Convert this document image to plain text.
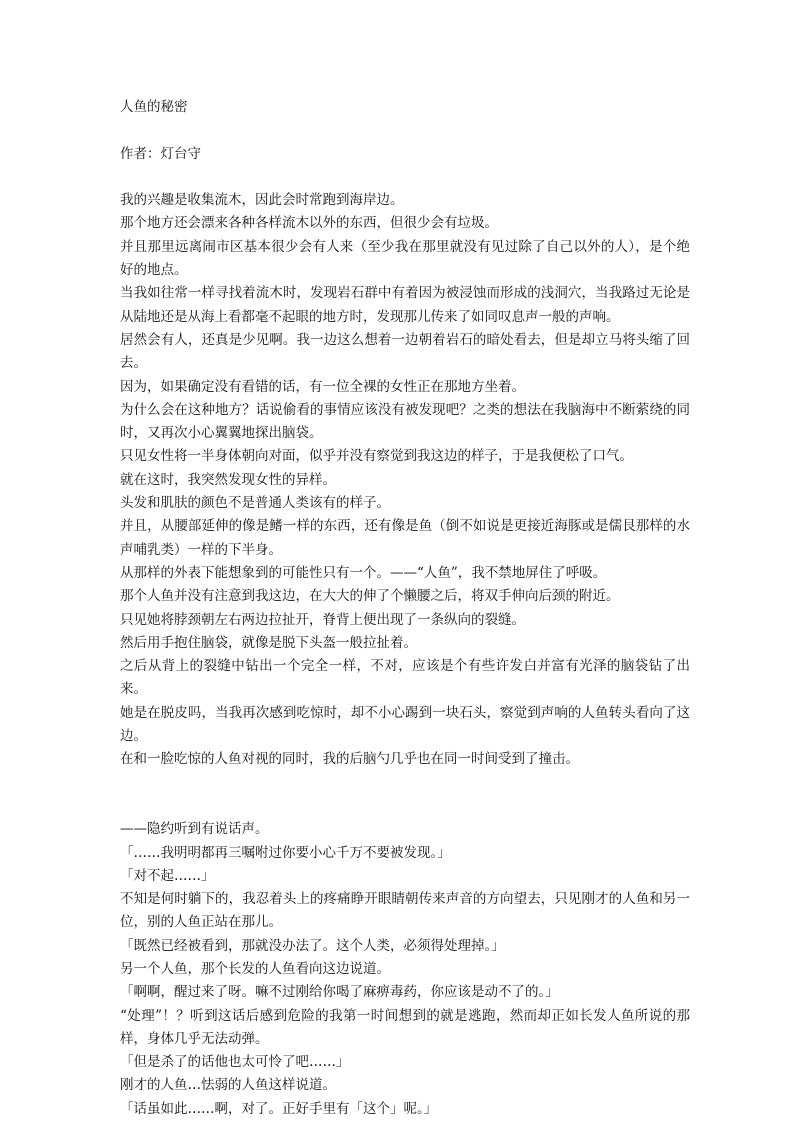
人鱼的秘密
作者：灯台守

我的兴趣是收集流木，因此会时常跑到海岸边。

那个地方还会漂来各种各样流木以外的东西，但很少会有垃圾。

并且那里远离闹市区基本很少会有人来（至少我在那里就没有见过除了自己以外的人），是个绝好的地点。

当我如往常一样寻找着流木时，发现岩石群中有着因为被浸蚀而形成的浅洞穴，当我路过无论是从陆地还是从海上看都毫不起眼的地方时，发现那儿传来了如同叹息声一般的声响。

居然会有人，还真是少见啊。我一边这么想着一边朝着岩石的暗处看去，但是却立马将头缩了回去。

因为，如果确定没有看错的话，有一位全裸的女性正在那地方坐着。

为什么会在这种地方？话说偷看的事情应该没有被发现吧？之类的想法在我脑海中不断萦绕的同时，又再次小心翼翼地探出脑袋。

只见女性将一半身体朝向对面，似乎并没有察觉到我这边的样子，于是我便松了口气。

就在这时，我突然发现女性的异样。

头发和肌肤的颜色不是普通人类该有的样子。

并且，从腰部延伸的像是鳍一样的东西，还有像是鱼（倒不如说是更接近海豚或是儒艮那样的水声哺乳类）一样的下半身。

从那样的外表下能想象到的可能性只有一个。——“人鱼”，我不禁地屏住了呼吸。

那个人鱼并没有注意到我这边，在大大的伸了个懒腰之后，将双手伸向后颈的附近。

只见她将脖颈朝左右两边拉扯开，脊背上便出现了一条纵向的裂缝。

然后用手抱住脑袋，就像是脱下头盔一般拉扯着。

之后从背上的裂缝中钻出一个完全一样，不对，应该是个有些许发白并富有光泽的脑袋钻了出来。

她是在脱皮吗，当我再次感到吃惊时，却不小心踢到一块石头，察觉到声响的人鱼转头看向了这边。

在和一脸吃惊的人鱼对视的同时，我的后脑勺几乎也在同一时间受到了撞击。

——隐约听到有说话声。

「……我明明都再三嘱咐过你要小心千万不要被发现。」

「对不起……」

不知是何时躺下的，我忍着头上的疼痛睁开眼睛朝传来声音的方向望去，只见刚才的人鱼和另一位，别的人鱼正站在那儿。

「既然已经被看到，那就没办法了。这个人类，必须得处理掉。」

另一个人鱼，那个长发的人鱼看向这边说道。

「啊啊，醒过来了呀。嘛不过刚给你喝了麻痹毒药，你应该是动不了的。」

“处理”！？听到这话后感到危险的我第一时间想到的就是逃跑，然而却正如长发人鱼所说的那样，身体几乎无法动弹。

「但是杀了的话他也太可怜了吧……」

刚才的人鱼…怯弱的人鱼这样说道。

「话虽如此……啊，对了。正好手里有「这个」呢。」
